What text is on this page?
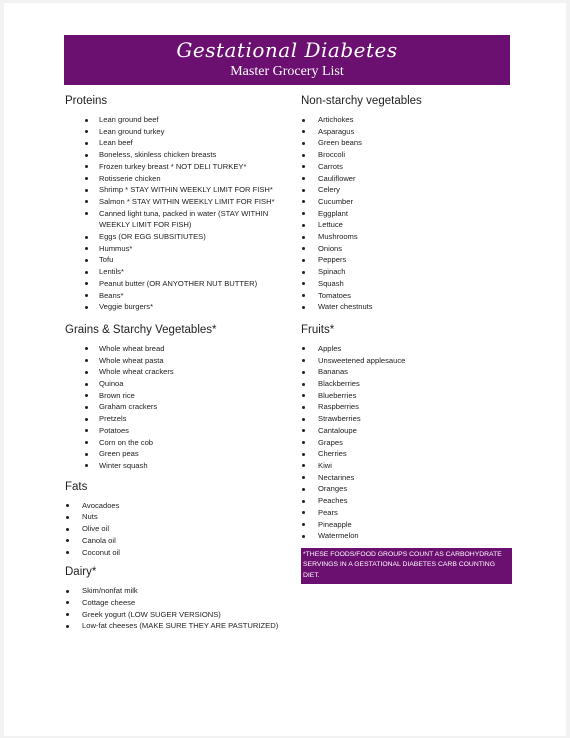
Gestational Diabetes
Master Grocery List
Proteins
Lean ground beef
Lean ground turkey
Lean beef
Boneless, skinless chicken breasts
Frozen turkey breast * NOT DELI TURKEY*
Rotisserie chicken
Shrimp * STAY WITHIN WEEKLY LIMIT FOR FISH*
Salmon * STAY WITHIN WEEKLY LIMIT FOR FISH*
Canned light tuna, packed in water (STAY WITHIN WEEKLY LIMIT FOR FISH)
Eggs (OR EGG SUBSITIUTES)
Hummus*
Tofu
Lentils*
Peanut butter (OR ANYOTHER NUT BUTTER)
Beans*
Veggie burgers*
Grains & Starchy Vegetables*
Whole wheat bread
Whole wheat pasta
Whole wheat crackers
Quinoa
Brown rice
Graham crackers
Pretzels
Potatoes
Corn on the cob
Green peas
Winter squash
Fats
Avocadoes
Nuts
Olive oil
Canola oil
Coconut oil
Dairy*
Skim/nonfat milk
Cottage cheese
Greek yogurt (LOW SUGER VERSIONS)
Low-fat cheeses (MAKE SURE THEY ARE PASTURIZED)
Non-starchy vegetables
Artichokes
Asparagus
Green beans
Broccoli
Carrots
Cauliflower
Celery
Cucumber
Eggplant
Lettuce
Mushrooms
Onions
Peppers
Spinach
Squash
Tomatoes
Water chestnuts
Fruits*
Apples
Unsweetened applesauce
Bananas
Blackberries
Blueberries
Raspberries
Strawberries
Cantaloupe
Grapes
Cherries
Kiwi
Nectarines
Oranges
Peaches
Pears
Pineapple
Watermelon
*THESE FOODS/FOOD GROUPS COUNT AS CARBOHYDRATE SERVINGS IN A GESTATIONAL DIABETES CARB COUNTING DIET.
